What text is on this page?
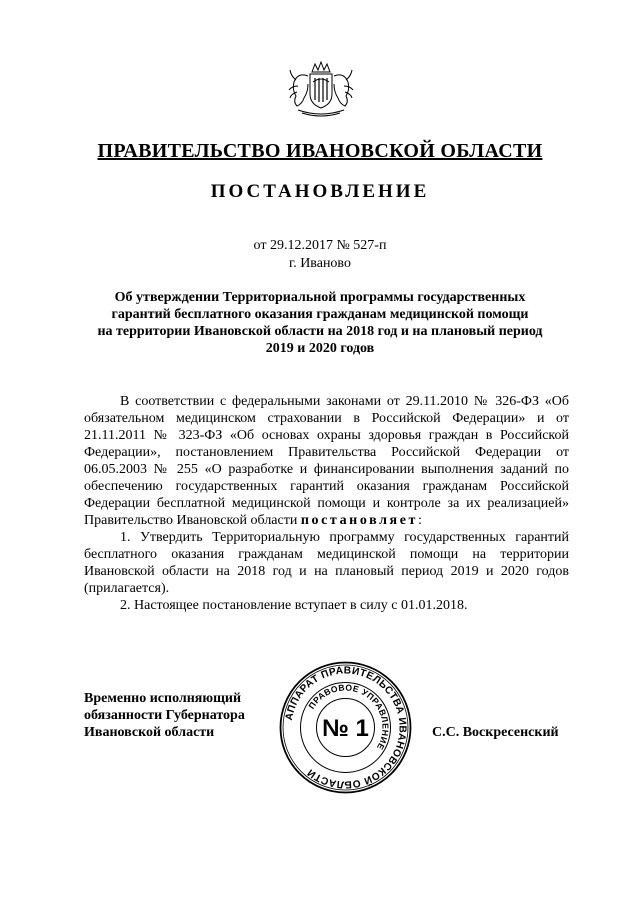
ПРАВИТЕЛЬСТВО ИВАНОВСКОЙ ОБЛАСТИ
ПОСТАНОВЛЕНИЕ
от 29.12.2017 № 527-п
г. Иваново
Об утверждении Территориальной программы государственных
гарантий бесплатного оказания гражданам медицинской помощи
на территории Ивановской области на 2018 год и на плановый период
2019 и 2020 годов

В соответствии с федеральными законами от 29.11.2010 № 326-ФЗ «Об обязательном медицинском страховании в Российской Федерации» и от 21.11.2011 № 323-ФЗ «Об основах охраны здоровья граждан в Российской Федерации», постановлением Правительства Российской Федерации от 06.05.2003 № 255 «О разработке и финансировании выполнения заданий по обеспечению государственных гарантий оказания гражданам Российской Федерации бесплатной медицинской помощи и контроле за их реализацией» Правительство Ивановской области постановляет:

1. Утвердить Территориальную программу государственных гарантий бесплатного оказания гражданам медицинской помощи на территории Ивановской области на 2018 год и на плановый период 2019 и 2020 годов (прилагается).

2. Настоящее постановление вступает в силу с 01.01.2018.

Временно исполняющий
обязанности Губернатора
Ивановской области	С.С. Воскресенский
АППАРАТ ПРАВИТЕЛЬСТВА ИВАНОВСКОЙ ОБЛАСТИ
ПРАВОВОЕ УПРАВЛЕНИЕ
№ 1
